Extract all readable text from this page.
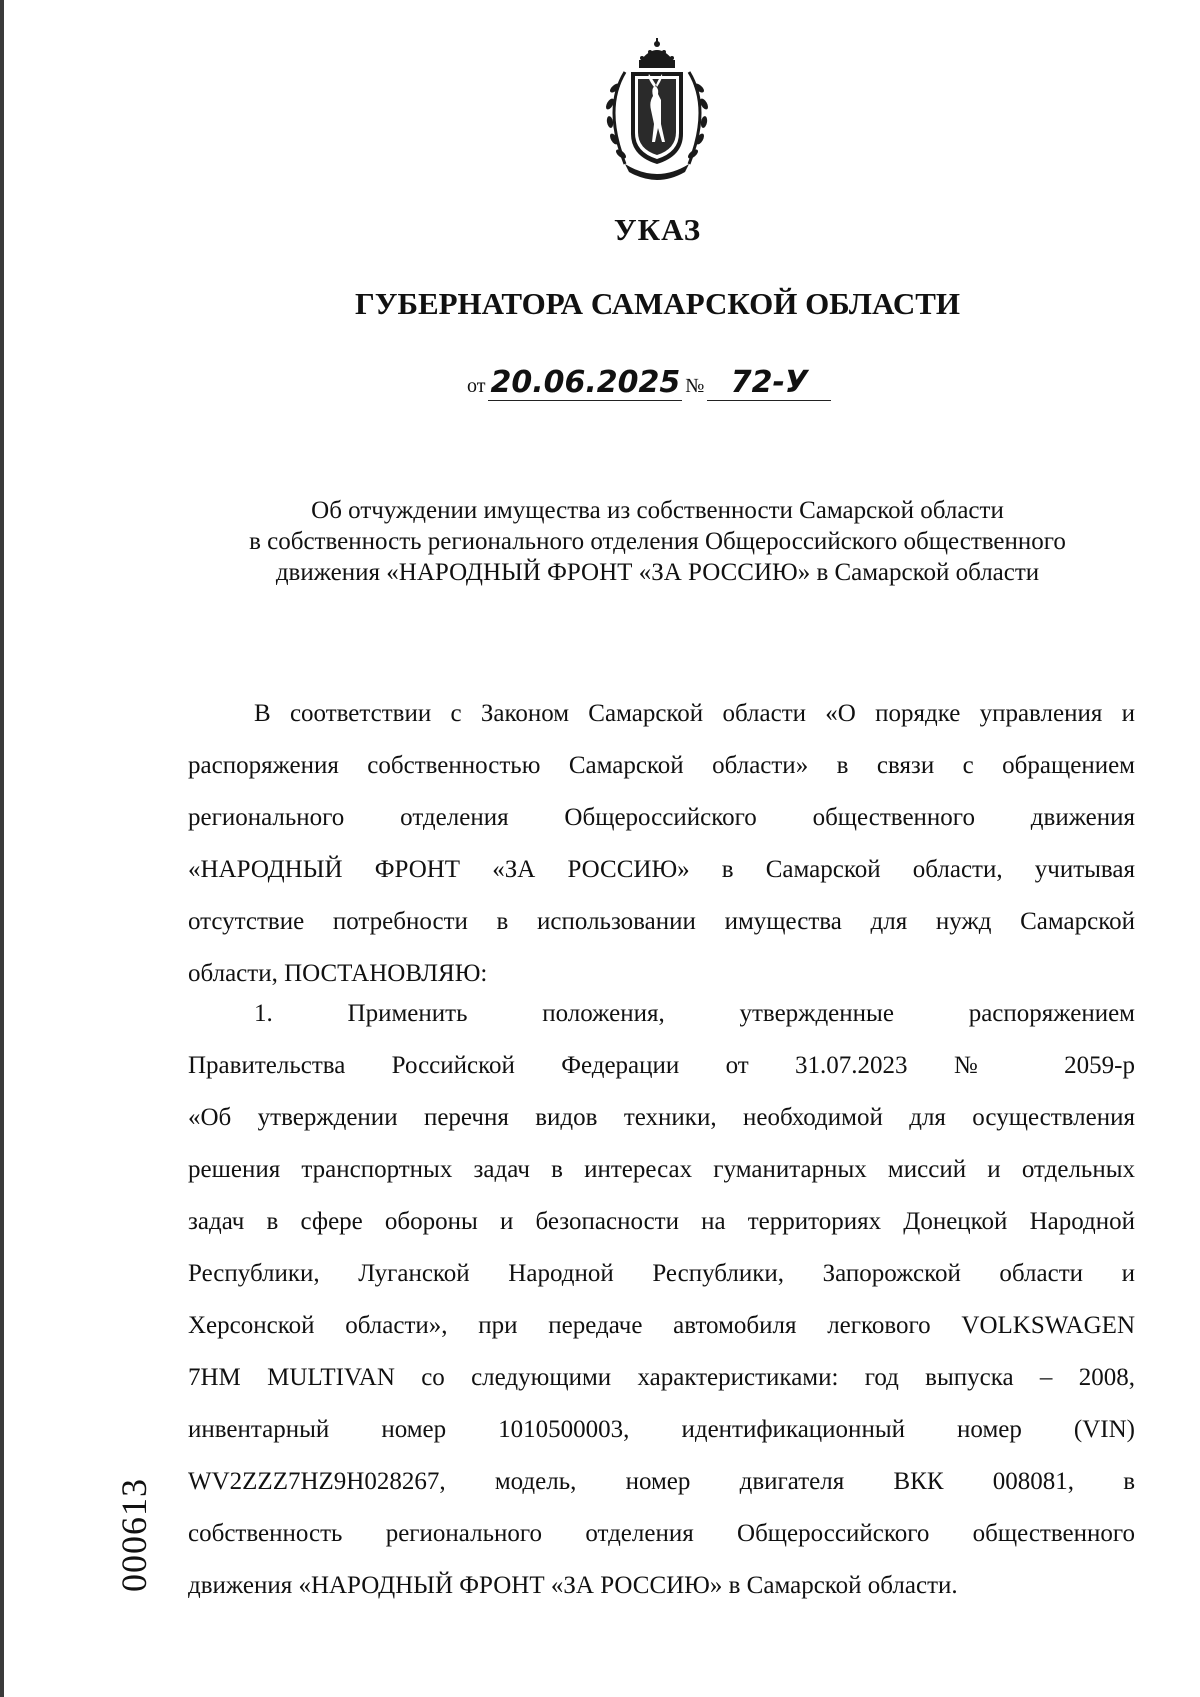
УКАЗ
ГУБЕРНАТОРА САМАРСКОЙ ОБЛАСТИ
от 20.06.2025 № 72-У
Об отчуждении имущества из собственности Самарской области
в собственность регионального отделения Общероссийского общественного
движения «НАРОДНЫЙ ФРОНТ «ЗА РОССИЮ» в Самарской области
В соответствии с Законом Самарской области «О порядке управления и
распоряжения собственностью Самарской области» в связи с обращением
регионального отделения Общероссийского общественного движения
«НАРОДНЫЙ ФРОНТ «ЗА РОССИЮ» в Самарской области, учитывая
отсутствие потребности в использовании имущества для нужд Самарской
области, ПОСТАНОВЛЯЮ:
1. Применить положения, утвержденные распоряжением
Правительства Российской Федерации от 31.07.2023 № 2059-р
«Об утверждении перечня видов техники, необходимой для осуществления
решения транспортных задач в интересах гуманитарных миссий и отдельных
задач в сфере обороны и безопасности на территориях Донецкой Народной
Республики, Луганской Народной Республики, Запорожской области и
Херсонской области», при передаче автомобиля легкового VOLKSWAGEN
7HM MULTIVAN со следующими характеристиками: год выпуска – 2008,
инвентарный номер 1010500003, идентификационный номер (VIN)
WV2ZZZ7HZ9H028267, модель, номер двигателя ВКК 008081, в
собственность регионального отделения Общероссийского общественного
движения «НАРОДНЫЙ ФРОНТ «ЗА РОССИЮ» в Самарской области.
000613
